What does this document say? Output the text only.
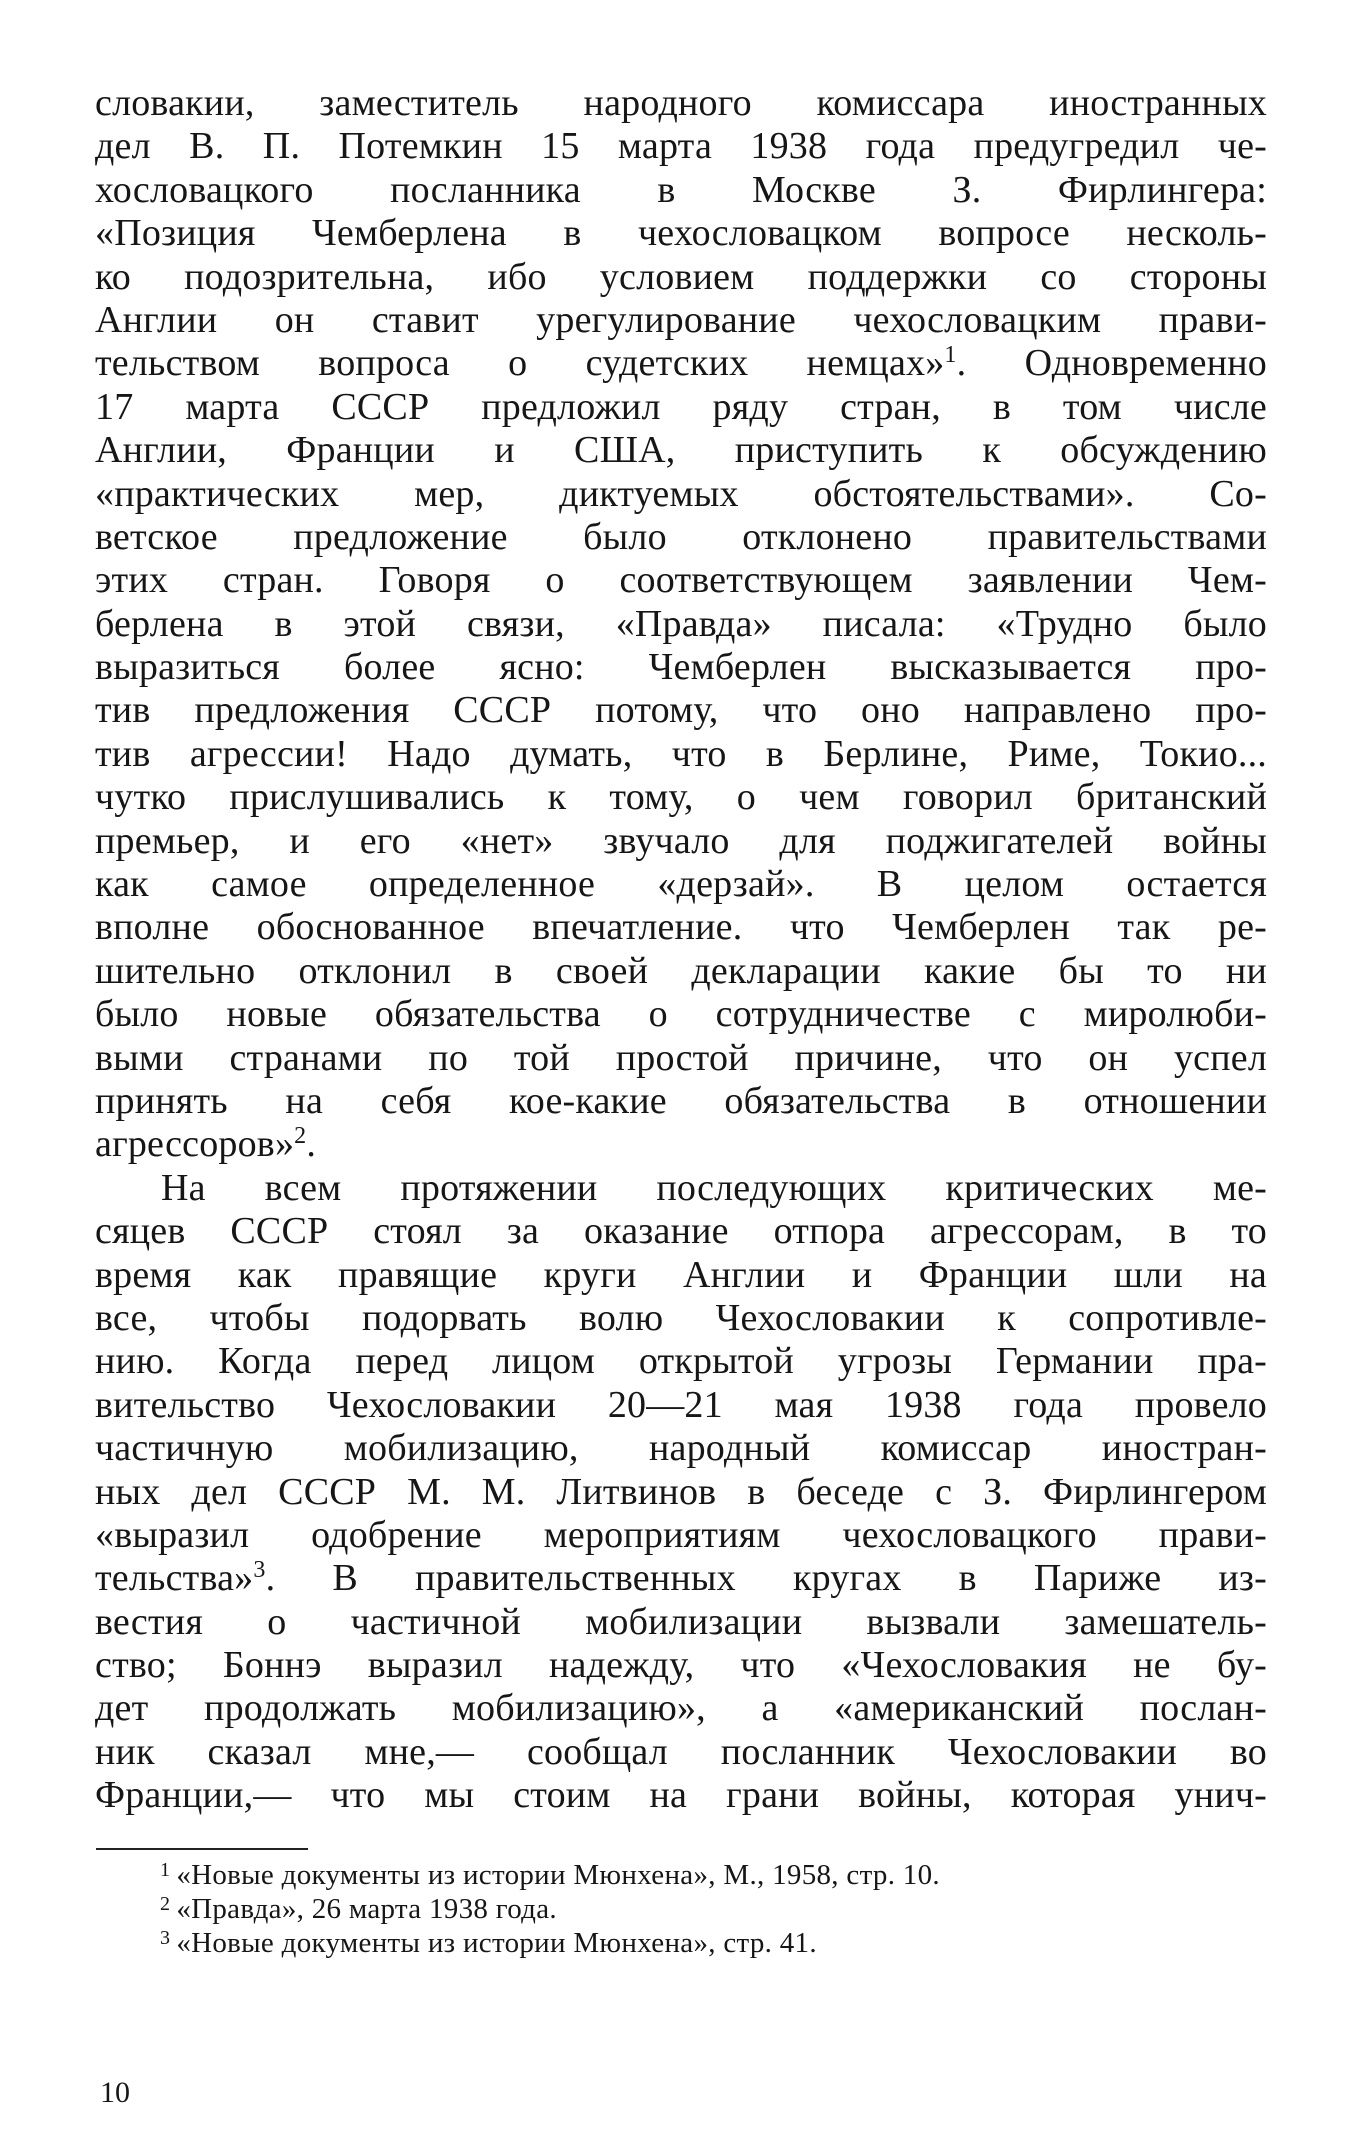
словакии, заместитель народного комиссара иностранных
дел В. П. Потемкин 15 марта 1938 года предугредил че-
хословацкого посланника в Москве З. Фирлингера:
«Позиция Чемберлена в чехословацком вопросе несколь-
ко подозрительна, ибо условием поддержки со стороны
Англии он ставит урегулирование чехословацким прави-
тельством вопроса о судетских немцах»$^1$. Одновременно
17 марта СССР предложил ряду стран, в том числе
Англии, Франции и США, приступить к обсуждению
«практических мер, диктуемых обстоятельствами». Со-
ветское предложение было отклонено правительствами
этих стран. Говоря о соответствующем заявлении Чем-
берлена в этой связи, «Правда» писала: «Трудно было
выразиться более ясно: Чемберлен высказывается про-
тив предложения СССР потому, что оно направлено про-
тив агрессии! Надо думать, что в Берлине, Риме, Токио...
чутко прислушивались к тому, о чем говорил британский
премьер, и его «нет» звучало для поджигателей войны
как самое определенное «дерзай». В целом остается
вполне обоснованное впечатление. что Чемберлен так ре-
шительно отклонил в своей декларации какие бы то ни
было новые обязательства о сотрудничестве с миролюби-
выми странами по той простой причине, что он успел
принять на себя кое-какие обязательства в отношении
агрессоров»$^2$.
На всем протяжении последующих критических ме-
сяцев СССР стоял за оказание отпора агрессорам, в то
время как правящие круги Англии и Франции шли на
все, чтобы подорвать волю Чехословакии к сопротивле-
нию. Когда перед лицом открытой угрозы Германии пра-
вительство Чехословакии 20—21 мая 1938 года провело
частичную мобилизацию, народный комиссар иностран-
ных дел СССР М. М. Литвинов в беседе с З. Фирлингером
«выразил одобрение мероприятиям чехословацкого прави-
тельства»$^3$. В правительственных кругах в Париже из-
вестия о частичной мобилизации вызвали замешатель-
ство; Боннэ выразил надежду, что «Чехословакия не бу-
дет продолжать мобилизацию», а «американский послан-
ник сказал мне,— сообщал посланник Чехословакии во
Франции,— что мы стоим на грани войны, которая унич-
$^1$ «Новые документы из истории Мюнхена», М., 1958, стр. 10.
$^2$ «Правда», 26 марта 1938 года.
$^3$ «Новые документы из истории Мюнхена», стр. 41.
10
